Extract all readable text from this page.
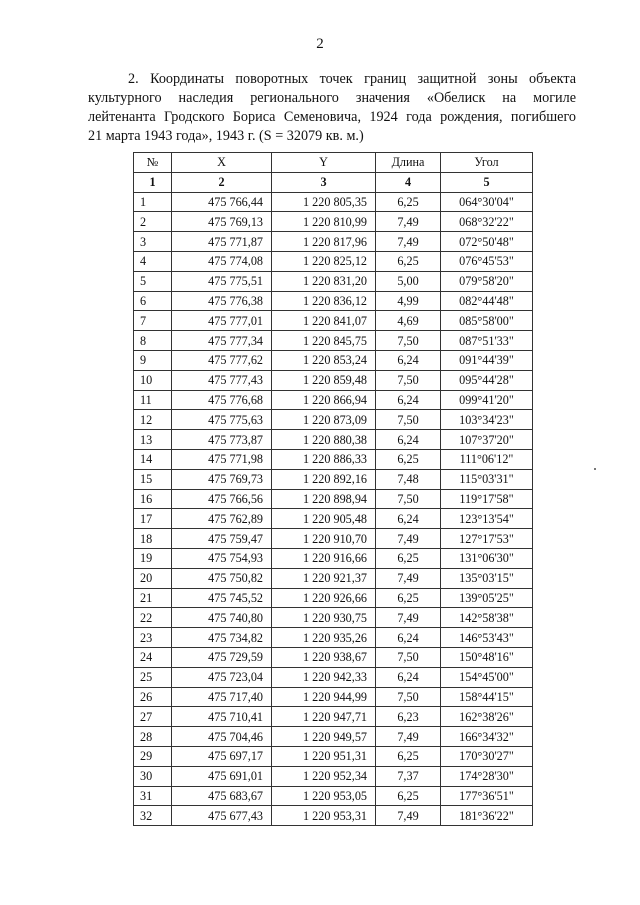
2
2. Координаты поворотных точек границ защитной зоны объекта
культурного наследия регионального значения «Обелиск на могиле
лейтенанта Гродского Бориса Семеновича, 1924 года рождения, погибшего
21 марта 1943 года», 1943 г. (S = 32079 кв. м.)
№	X	Y	Длина	Угол
1	2	3	4	5
1	475 766,44	1 220 805,35	6,25	064°30'04"
2	475 769,13	1 220 810,99	7,49	068°32'22"
3	475 771,87	1 220 817,96	7,49	072°50'48"
4	475 774,08	1 220 825,12	6,25	076°45'53"
5	475 775,51	1 220 831,20	5,00	079°58'20"
6	475 776,38	1 220 836,12	4,99	082°44'48"
7	475 777,01	1 220 841,07	4,69	085°58'00"
8	475 777,34	1 220 845,75	7,50	087°51'33"
9	475 777,62	1 220 853,24	6,24	091°44'39"
10	475 777,43	1 220 859,48	7,50	095°44'28"
11	475 776,68	1 220 866,94	6,24	099°41'20"
12	475 775,63	1 220 873,09	7,50	103°34'23"
13	475 773,87	1 220 880,38	6,24	107°37'20"
14	475 771,98	1 220 886,33	6,25	111°06'12"
15	475 769,73	1 220 892,16	7,48	115°03'31"
16	475 766,56	1 220 898,94	7,50	119°17'58"
17	475 762,89	1 220 905,48	6,24	123°13'54"
18	475 759,47	1 220 910,70	7,49	127°17'53"
19	475 754,93	1 220 916,66	6,25	131°06'30"
20	475 750,82	1 220 921,37	7,49	135°03'15"
21	475 745,52	1 220 926,66	6,25	139°05'25"
22	475 740,80	1 220 930,75	7,49	142°58'38"
23	475 734,82	1 220 935,26	6,24	146°53'43"
24	475 729,59	1 220 938,67	7,50	150°48'16"
25	475 723,04	1 220 942,33	6,24	154°45'00"
26	475 717,40	1 220 944,99	7,50	158°44'15"
27	475 710,41	1 220 947,71	6,23	162°38'26"
28	475 704,46	1 220 949,57	7,49	166°34'32"
29	475 697,17	1 220 951,31	6,25	170°30'27"
30	475 691,01	1 220 952,34	7,37	174°28'30"
31	475 683,67	1 220 953,05	6,25	177°36'51"
32	475 677,43	1 220 953,31	7,49	181°36'22"
